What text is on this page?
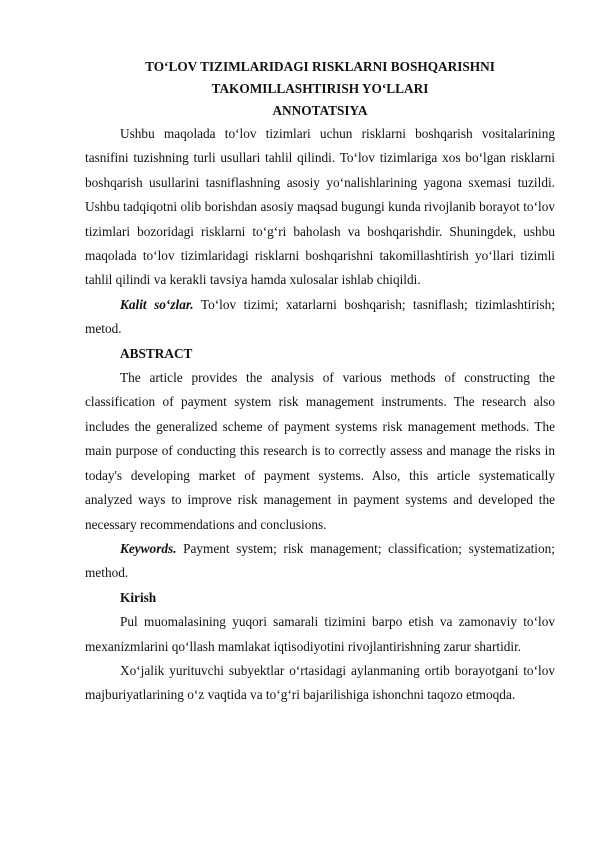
TO‘LOV TIZIMLARIDAGI RISKLARNI BOSHQARISHNI
TAKOMILLASHTIRISH YO‘LLARI
ANNOTATSIYA

Ushbu maqolada to‘lov tizimlari uchun risklarni boshqarish vositalarining tasnifini tuzishning turli usullari tahlil qilindi. To‘lov tizimlariga xos bo‘lgan risklarni boshqarish usullarini tasniflashning asosiy yo‘nalishlarining yagona sxemasi tuzildi. Ushbu tadqiqotni olib borishdan asosiy maqsad bugungi kunda rivojlanib borayot to‘lov tizimlari bozoridagi risklarni to‘g‘ri baholash va boshqarishdir. Shuningdek, ushbu maqolada to‘lov tizimlaridagi risklarni boshqarishni takomillashtirish yo‘llari tizimli tahlil qilindi va kerakli tavsiya hamda xulosalar ishlab chiqildi.

Kalit so‘zlar. To‘lov tizimi; xatarlarni boshqarish; tasniflash; tizimlashtirish; metod.

ABSTRACT

The article provides the analysis of various methods of constructing the classification of payment system risk management instruments. The research also includes the generalized scheme of payment systems risk management methods. The main purpose of conducting this research is to correctly assess and manage the risks in today's developing market of payment systems. Also, this article systematically analyzed ways to improve risk management in payment systems and developed the necessary recommendations and conclusions.

Keywords. Payment system; risk management; classification; systematization; method.

Kirish

Pul muomalasining yuqori samarali tizimini barpo etish va zamonaviy to‘lov mexanizmlarini qo‘llash mamlakat iqtisodiyotini rivojlantirishning zarur shartidir.

Xo‘jalik yurituvchi subyektlar o‘rtasidagi aylanmaning ortib borayotgani to‘lov majburiyatlarining o‘z vaqtida va to‘g‘ri bajarilishiga ishonchni taqozo etmoqda.
